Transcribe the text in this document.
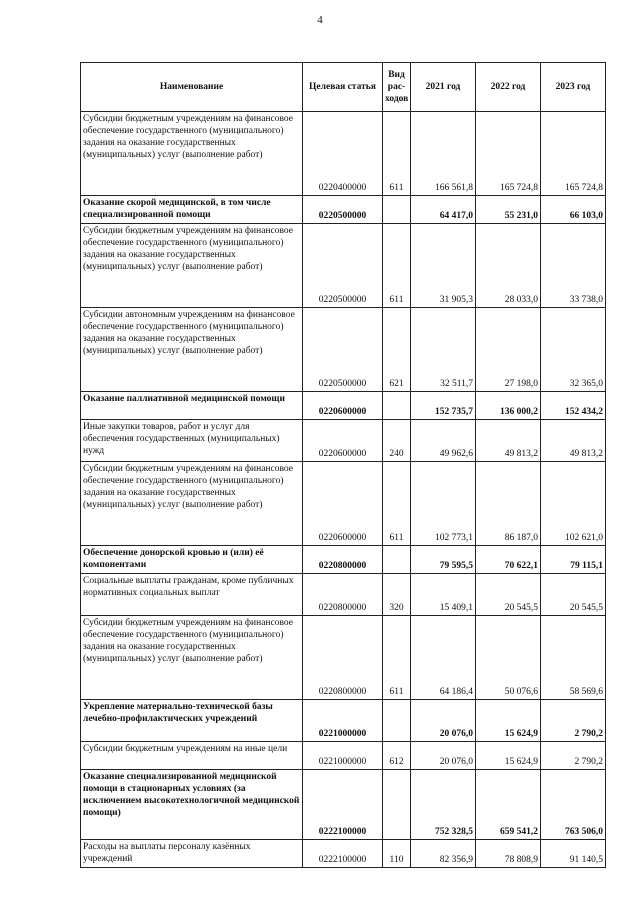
4
Наименование	Целевая статья	Вид рас- ходов	2021 год	2022 год	2023 год
Субсидии бюджетным учреждениям на финансовое обеспечение государственного (муниципального) задания на оказание государственных (муниципальных) услуг (выполнение работ)	0220400000	611	166 561,8	165 724,8	165 724,8
Оказание скорой медицинской, в том числе специализированной помощи	0220500000		64 417,0	55 231,0	66 103,0
Субсидии бюджетным учреждениям на финансовое обеспечение государственного (муниципального) задания на оказание государственных (муниципальных) услуг (выполнение работ)	0220500000	611	31 905,3	28 033,0	33 738,0
Субсидии автономным учреждениям на финансовое обеспечение государственного (муниципального) задания на оказание государственных (муниципальных) услуг (выполнение работ)	0220500000	621	32 511,7	27 198,0	32 365,0
Оказание паллиативной медицинской помощи	0220600000		152 735,7	136 000,2	152 434,2
Иные закупки товаров, работ и услуг для обеспечения государственных (муниципальных) нужд	0220600000	240	49 962,6	49 813,2	49 813,2
Субсидии бюджетным учреждениям на финансовое обеспечение государственного (муниципального) задания на оказание государственных (муниципальных) услуг (выполнение работ)	0220600000	611	102 773,1	86 187,0	102 621,0
Обеспечение донорской кровью и (или) её компонентами	0220800000		79 595,5	70 622,1	79 115,1
Социальные выплаты гражданам, кроме публичных нормативных социальных выплат	0220800000	320	15 409,1	20 545,5	20 545,5
Субсидии бюджетным учреждениям на финансовое обеспечение государственного (муниципального) задания на оказание государственных (муниципальных) услуг (выполнение работ)	0220800000	611	64 186,4	50 076,6	58 569,6
Укрепление материально-технической базы лечебно-профилактических учреждений	0221000000		20 076,0	15 624,9	2 790,2
Субсидии бюджетным учреждениям на иные цели	0221000000	612	20 076,0	15 624,9	2 790,2
Оказание специализированной медицинской помощи в стационарных условиях (за исключением высокотехнологичной медицинской помощи)	0222100000		752 328,5	659 541,2	763 506,0
Расходы на выплаты персоналу казённых учреждений	0222100000	110	82 356,9	78 808,9	91 140,5
